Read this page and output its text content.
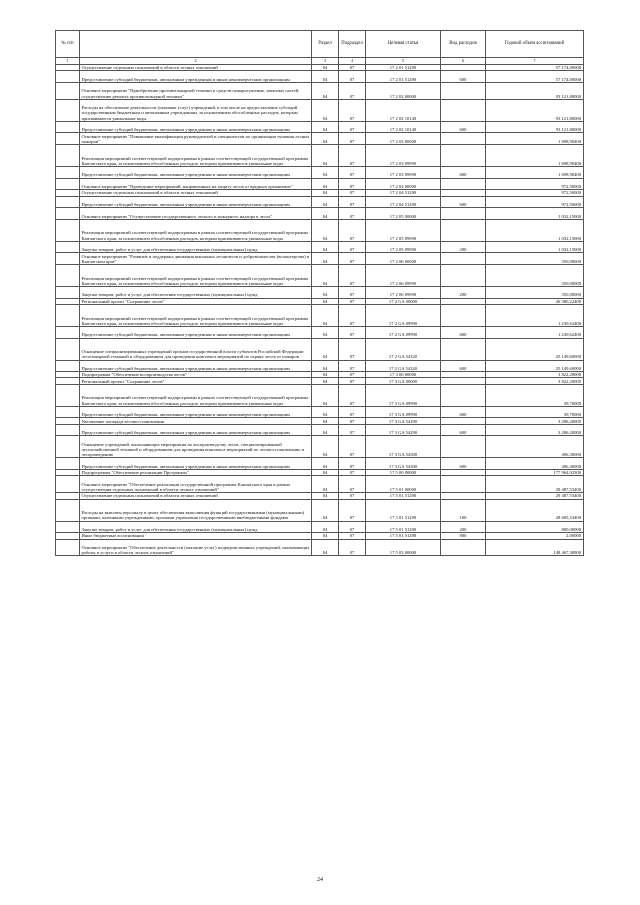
№ п/п		Раздел	Подраздел	Целевая статья	Вид расходов	Годовой объем ассигнований
1	2	3	4	5	6	7
	Осуществление отдельных полномочий в области лесных отношений	04	07	17 2 01 51290		57 174,00000
	Предоставление субсидий бюджетным, автономным учреждениям и иным некоммерческим организациям	04	07	17 2 01 51290	600	57 174,00000
	Основное мероприятие "Приобретение противопожарной техники и средств пожаротушения, запасных частей, осуществление ремонта противопожарной техники"	04	07	17 2 02 00000		93 121,80000
	Расходы на обеспечение деятельности (оказание услуг) учреждений, в том числе на предоставление субсидий государственным бюджетным и автономным учреждениям, за исключением обособленных расходов, которым присваиваются уникальные коды	04	07	17 2 02 10140		93 121,80000
	Предоставление субсидий бюджетным, автономным учреждениям и иным некоммерческим организациям	04	07	17 2 02 10140	600	93 121,80000
	Основное мероприятие "Повышение квалификации руководителей и специалистов по организации тушения лесных пожаров"	04	07	17 2 03 00000		1 698,90400
	Реализация мероприятий соответствующей подпрограммы в рамках соответствующей государственной программы Камчатского края, за исключением обособленных расходов, которым присваиваются уникальные коды	04	07	17 2 03 09990		1 698,90400
	Предоставление субсидий бюджетным, автономным учреждениям и иным некоммерческим организациям	04	07	17 2 03 09990	600	1 698,90400
	Основное мероприятие "Проведение мероприятий, направленных на защиту лесов от вредных организмов"	04	07	17 2 04 00000		972,50000
	Осуществление отдельных полномочий в области лесных отношений	04	07	17 2 04 51290		972,50000
	Предоставление субсидий бюджетным, автономным учреждениям и иным некоммерческим организациям	04	07	17 2 04 51290	600	972,50000
	Основное мероприятие "Осуществление государственного лесного и пожарного надзора в лесах"	04	07	17 2 05 00000		1 032,15000
	Реализация мероприятий соответствующей подпрограммы в рамках соответствующей государственной программы Камчатского края, за исключением обособленных расходов, которым присваиваются уникальные коды	04	07	17 2 05 09990		1 032,15000
	Закупка товаров, работ и услуг для обеспечения государственных (муниципальных) нужд	04	07	17 2 05 09990	200	1 032,15000
	Основное мероприятие "Развитие и поддержка движения школьных лесничеств и добровольчества (волонтерства) в Камчатском крае"	04	07	17 2 06 00000		350,00000
	Реализация мероприятий соответствующей подпрограммы в рамках соответствующей государственной программы Камчатского края, за исключением обособленных расходов, которым присваиваются уникальные коды	04	07	17 2 06 09990		350,00000
	Закупка товаров, работ и услуг для обеспечения государственных (муниципальных) нужд	04	07	17 2 06 09990	200	350,00000
	Региональный проект "Сохранение лесов"	04	07	17 2 GA 00000		26 380,22400
	Реализация мероприятий соответствующей подпрограммы в рамках соответствующей государственной программы Камчатского края, за исключением обособленных расходов, которым присваиваются уникальные коды	04	07	17 2 GA 09990		1 230,62400
	Предоставление субсидий бюджетным, автономным учреждениям и иным некоммерческим организациям	04	07	17 2 GA 09990	600	1 230,62400
	Оснащение специализированных учреждений органов государственной власти субъектов Российской Федерации лесопожарной техникой и оборудованием для проведения комплекса мероприятий по охране лесов от пожаров	04	07	17 2 GA 54320		25 149,60000
	Предоставление субсидий бюджетным, автономным учреждениям и иным некоммерческим организациям	04	07	17 2 GA 54320	600	25 149,60000
	Подпрограмма "Обеспечение воспроизводства лесов"	04	07	17 3 00 00000		3 822,20000
	Региональный проект "Сохранение лесов"	04	07	17 3 GA 00000		3 822,20000
	Реализация мероприятий соответствующей подпрограммы в рамках соответствующей государственной программы Камчатского края, за исключением обособленных расходов, которым присваиваются уникальные коды	04	07	17 3 GA 09990		39,70000
	Предоставление субсидий бюджетным, автономным учреждениям и иным некоммерческим организациям	04	07	17 3 GA 09990	600	39,70000
	Увеличение площади лесовосстановления	04	07	17 3 GA 54290		3 286,20000
	Предоставление субсидий бюджетным, автономным учреждениям и иным некоммерческим организациям	04	07	17 3 GA 54290	600	3 286,20000
	Оснащение учреждений, выполняющих мероприятия по воспроизводству лесов, специализированной лесохозяйственной техникой и оборудованием для проведения комплекса мероприятий по лесовосстановлению и лесоразведению	04	07	17 3 GA 54300		496,30000
	Предоставление субсидий бюджетным, автономным учреждениям и иным некоммерческим организациям	04	07	17 3 GA 54300	600	496,30000
	Подпрограмма "Обеспечение реализации Программы"	04	07	17 5 00 00000		177 964,92300
	Основное мероприятие "Обеспечение реализации государственной программы Камчатского края в рамках осуществления отдельных полномочий в области лесных отношений"	04	07	17 5 01 00000		29 487,53400
	Осуществление отдельных полномочий в области лесных отношений	04	07	17 5 01 51290		29 487,53400
	Расходы на выплаты персоналу в целях обеспечения выполнения функций государственными (муниципальными) органами, казенными учреждениями, органами управления государственными внебюджетными фондами	04	07	17 5 01 51290	100	28 685,53400
	Закупка товаров, работ и услуг для обеспечения государственных (муниципальных) нужд	04	07	17 5 01 51290	200	800,00000
	Иные бюджетные ассигнования	04	07	17 5 01 51290	800	2,00000
	Основное мероприятие "Обеспечение деятельности (оказание услуг) подведомственных учреждений, оказывающих работы и услуги в области лесных отношений"	04	07	17 5 03 00000		148 467,38900
24
